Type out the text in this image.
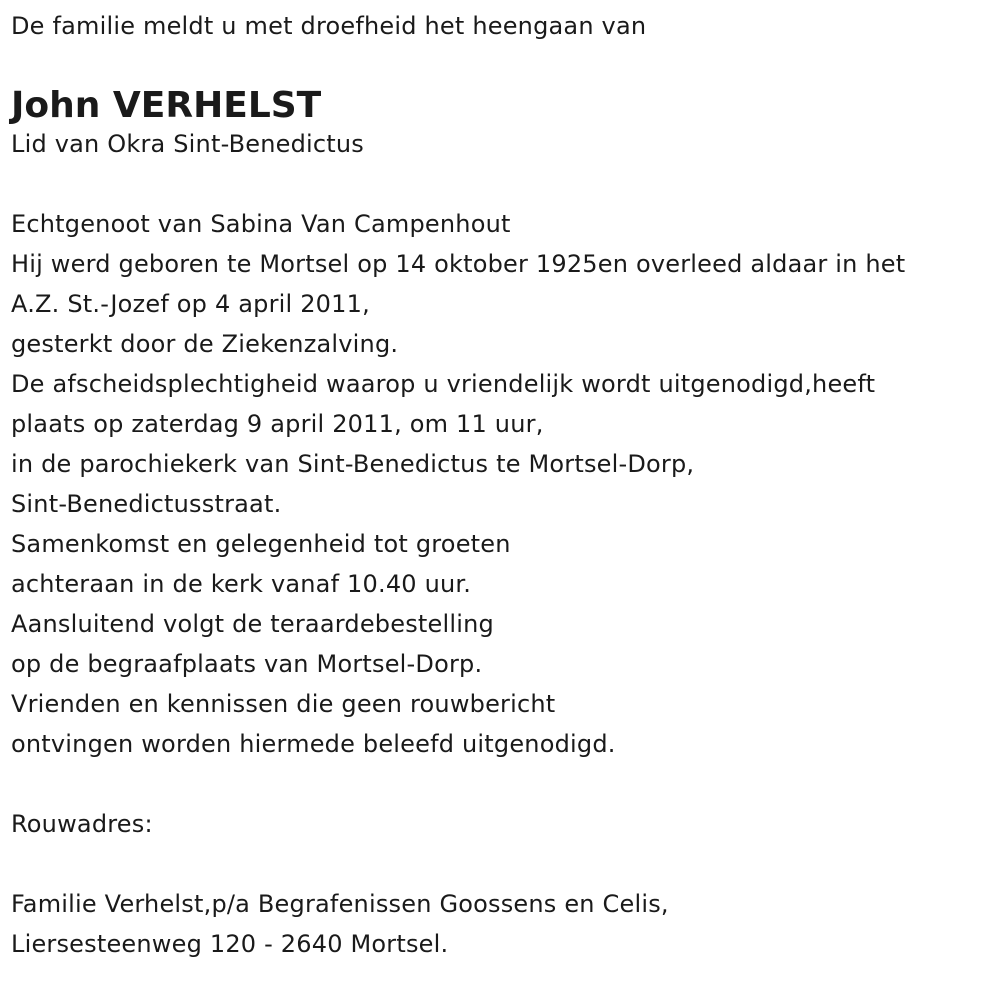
De familie meldt u met droefheid het heengaan van
John VERHELST
Lid van Okra Sint-Benedictus
Echtgenoot van Sabina Van Campenhout
Hij werd geboren te Mortsel op 14 oktober 1925en overleed aldaar in het
A.Z. St.-Jozef op 4 april 2011,
gesterkt door de Ziekenzalving.
De afscheidsplechtigheid waarop u vriendelijk wordt uitgenodigd,heeft
plaats op zaterdag 9 april 2011, om 11 uur,
in de parochiekerk van Sint-Benedictus te Mortsel-Dorp,
Sint-Benedictusstraat.
Samenkomst en gelegenheid tot groeten
achteraan in de kerk vanaf 10.40 uur.
Aansluitend volgt de teraardebestelling
op de begraafplaats van Mortsel-Dorp.
Vrienden en kennissen die geen rouwbericht
ontvingen worden hiermede beleefd uitgenodigd.
Rouwadres:
Familie Verhelst,p/a Begrafenissen Goossens en Celis,
Liersesteenweg 120 - 2640 Mortsel.
